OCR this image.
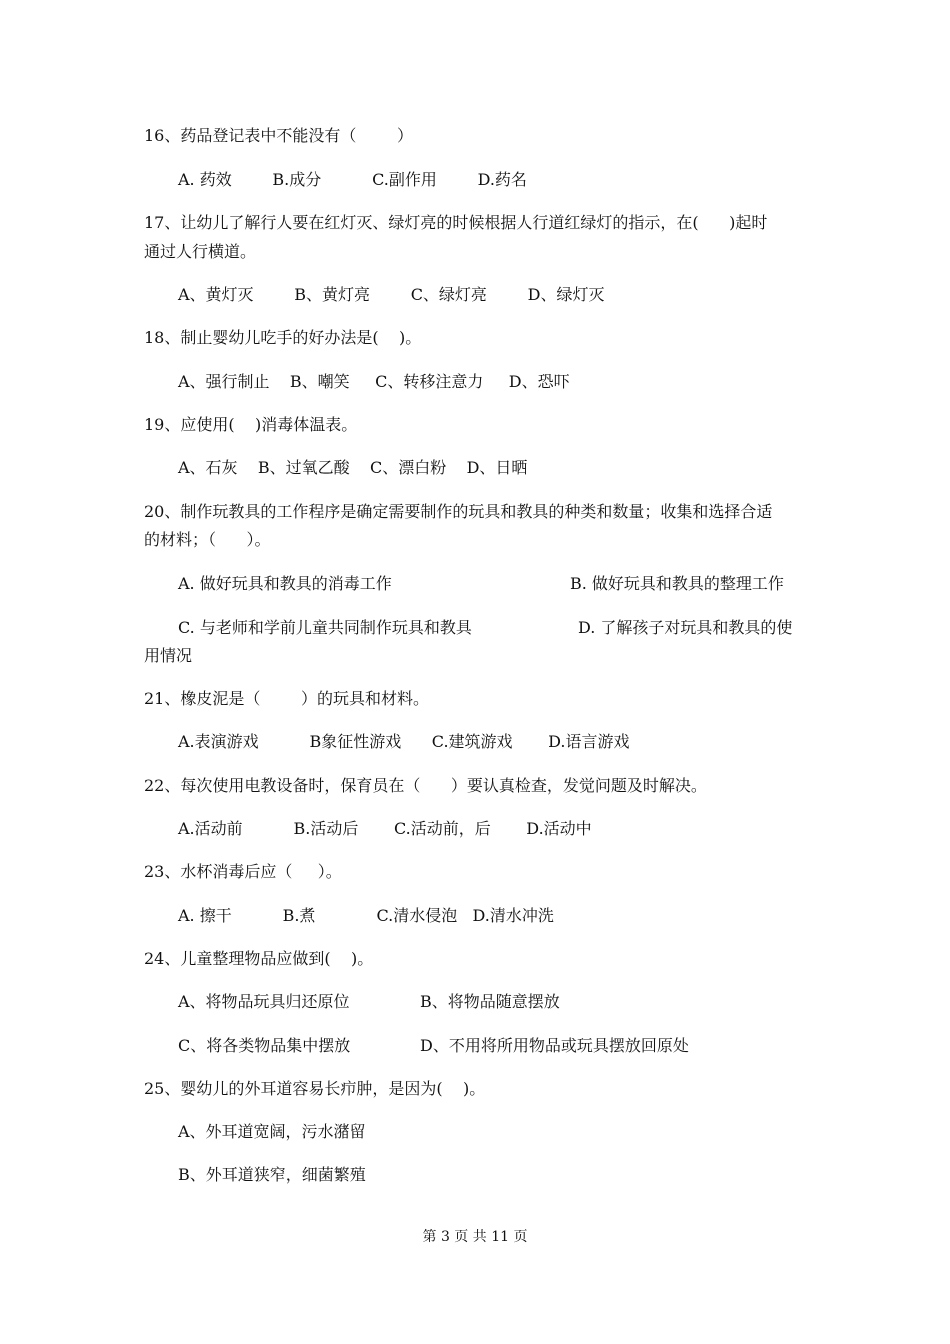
16、药品登记表中不能没有（        ）
A. 药效        B.成分          C.副作用        D.药名
17、让幼儿了解行人要在红灯灭、绿灯亮的时候根据人行道红绿灯的指示，在(      )起时
通过人行横道。
A、黄灯灭        B、黄灯亮        C、绿灯亮        D、绿灯灭
18、制止婴幼儿吃手的好办法是(    )。
A、强行制止    B、嘲笑     C、转移注意力     D、恐吓
19、应使用(    )消毒体温表。
A、石灰    B、过氧乙酸    C、漂白粉    D、日晒
20、制作玩教具的工作程序是确定需要制作的玩具和教具的种类和数量；收集和选择合适
的材料；（      ）。
A. 做好玩具和教具的消毒工作	B. 做好玩具和教具的整理工作
C. 与老师和学前儿童共同制作玩具和教具	D. 了解孩子对玩具和教具的使
用情况
21、橡皮泥是（        ）的玩具和材料。
A.表演游戏          B象征性游戏      C.建筑游戏       D.语言游戏
22、每次使用电教设备时，保育员在（      ）要认真检查，发觉问题及时解决。
A.活动前          B.活动后       C.活动前，后       D.活动中
23、水杯消毒后应（     ）。
A. 擦干          B.煮            C.清水侵泡   D.清水冲洗
24、儿童整理物品应做到(    )。
A、将物品玩具归还原位	B、将物品随意摆放
C、将各类物品集中摆放	D、不用将所用物品或玩具摆放回原处
25、婴幼儿的外耳道容易长疖肿，是因为(    )。
A、外耳道宽阔，污水潴留
B、外耳道狭窄，细菌繁殖
第 3 页 共 11 页
